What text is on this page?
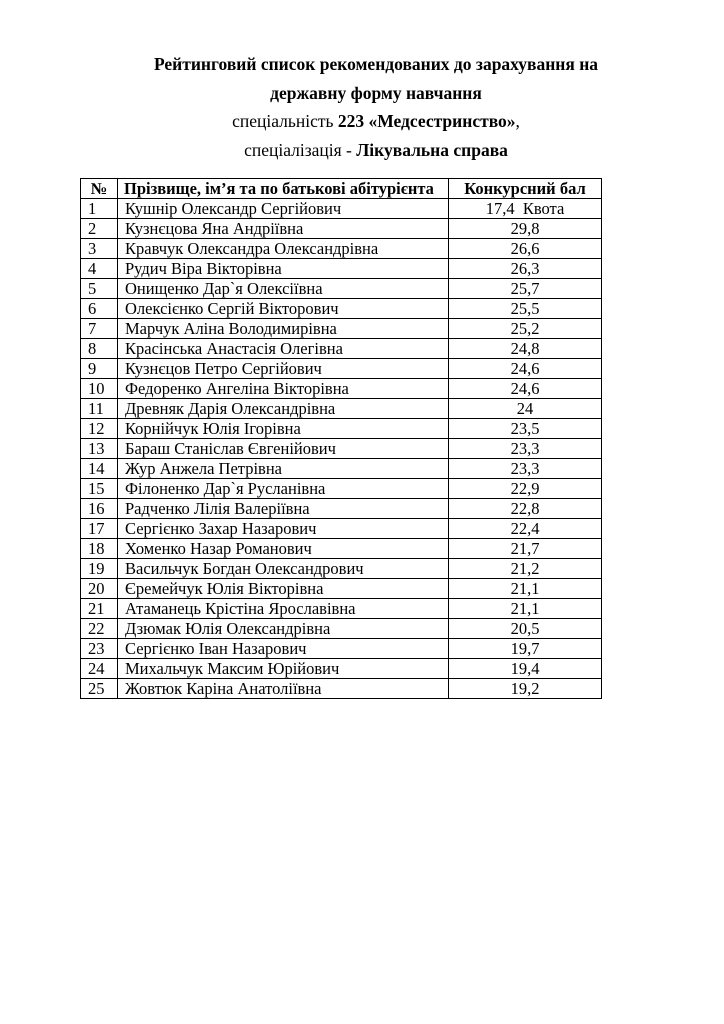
Рейтинговий список рекомендованих до зарахування на
державну форму навчання
спеціальність 223 «Медсестринство»,
спеціалізація - Лікувальна справа
№	Прізвище, ім’я та по батькові абітурієнта	Конкурсний бал
1	Кушнір Олександр Сергійович	17,4  Квота
2	Кузнєцова Яна Андріївна	29,8
3	Кравчук Олександра Олександрівна	26,6
4	Рудич Віра Вікторівна	26,3
5	Онищенко Дар`я Олексіївна	25,7
6	Олексієнко Сергій Вікторович	25,5
7	Марчук Аліна Володимирівна	25,2
8	Красінська Анастасія Олегівна	24,8
9	Кузнєцов Петро Сергійович	24,6
10	Федоренко Ангеліна Вікторівна	24,6
11	Древняк Дарія Олександрівна	24
12	Корнійчук Юлія Ігорівна	23,5
13	Бараш Станіслав Євгенійович	23,3
14	Жур Анжела Петрівна	23,3
15	Філоненко Дар`я Русланівна	22,9
16	Радченко Лілія Валеріївна	22,8
17	Сергієнко Захар Назарович	22,4
18	Хоменко Назар Романович	21,7
19	Васильчук Богдан Олександрович	21,2
20	Єремейчук Юлія Вікторівна	21,1
21	Атаманець Крістіна Ярославівна	21,1
22	Дзюмак Юлія Олександрівна	20,5
23	Сергієнко Іван Назарович	19,7
24	Михальчук Максим Юрійович	19,4
25	Жовтюк Каріна Анатоліївна	19,2
